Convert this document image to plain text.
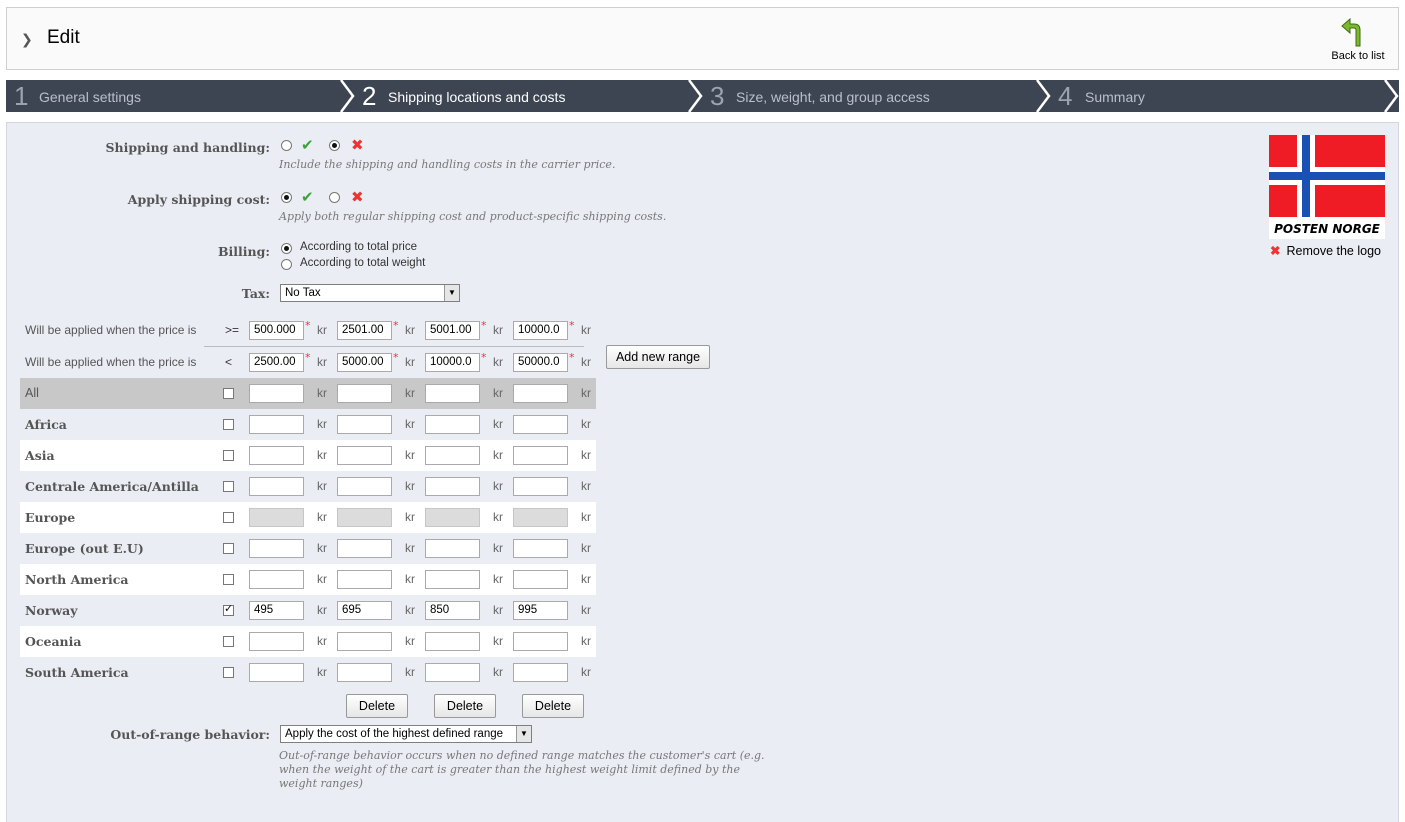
❯ Edit
Back to list
1 General settings	2 Shipping locations and costs	3 Size, weight, and group access	4 Summary
Shipping and handling: ✔ ✖
Include the shipping and handling costs in the carrier price.
Apply shipping cost: ✔ ✖
Apply both regular shipping cost and product-specific shipping costs.
Billing:	According to total price
According to total weight
Tax:	No Tax	▼
Will be applied when the price is >=	500.000 * kr	2501.00 * kr	5001.00 * kr	10000.0 * kr
Will be applied when the price is <	2500.00 * kr	5000.00 * kr	10000.0 * kr	50000.0 * kr	Add new range
All	kr	kr	kr	kr
Africa	kr	kr	kr	kr
Asia	kr	kr	kr	kr
Centrale America/Antilla	kr	kr	kr	kr
Europe	kr	kr	kr	kr
Europe (out E.U)	kr	kr	kr	kr
North America	kr	kr	kr	kr
Norway
✓	495	kr	695	kr	850	kr	995	kr
Oceania	kr	kr	kr	kr
South America	kr	kr	kr	kr
Delete	Delete	Delete
Out-of-range behavior:	Apply the cost of the highest defined range	▼
Out-of-range behavior occurs when no defined range matches the customer's cart (e.g. when the weight of the cart is greater than the highest weight limit defined by the weight ranges)
POSTEN NORGE
✖ Remove the logo
